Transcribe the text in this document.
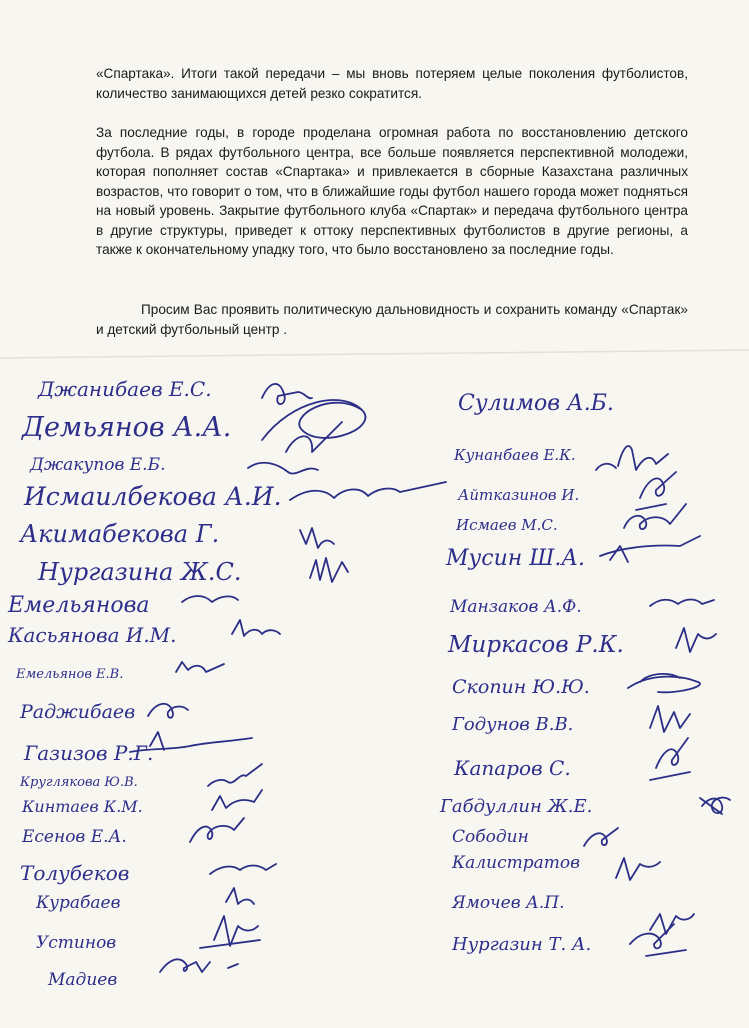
«Спартака». Итоги такой передачи – мы вновь потеряем целые поколения футболистов, количество занимающихся детей резко сократится.
За последние годы, в городе проделана огромная работа по восстановлению детского футбола. В рядах футбольного центра, все больше появляется перспективной молодежи, которая пополняет состав «Спартака» и привлекается в сборные Казахстана различных возрастов, что говорит о том, что в ближайшие годы футбол нашего города может подняться на новый уровень. Закрытие футбольного клуба «Спартак» и передача футбольного центра в другие структуры, приведет к оттоку перспективных футболистов в другие регионы, а также к окончательному упадку того, что было восстановлено за последние годы.
Просим Вас проявить политическую дальновидность и сохранить команду «Спартак» и детский футбольный центр .
Джанибаев Е.С.
Демьянов А.А.
Джакупов Е.Б.
Исмаилбекова А.И.
Акимабекова Г.
Нургазина Ж.С.
Емельянова
Касьянова И.М.
Емельянов Е.В.
Раджибаев
Газизов Р.Г.
Круглякова Ю.В.
Кинтаев К.М.
Есенов Е.А.
Толубеков
Курабаев
Устинов
Мадиев
Сулимов А.Б.
Кунанбаев Е.К.
Айтказинов И.
Исмаев М.С.
Мусин Ш.А.
Манзаков А.Ф.
Миркасов Р.К.
Скопин Ю.Ю.
Годунов В.В.
Капаров С.
Габдуллин Ж.Е.
Сободин
Калистратов
Ямочев А.П.
Нургазин Т. А.
